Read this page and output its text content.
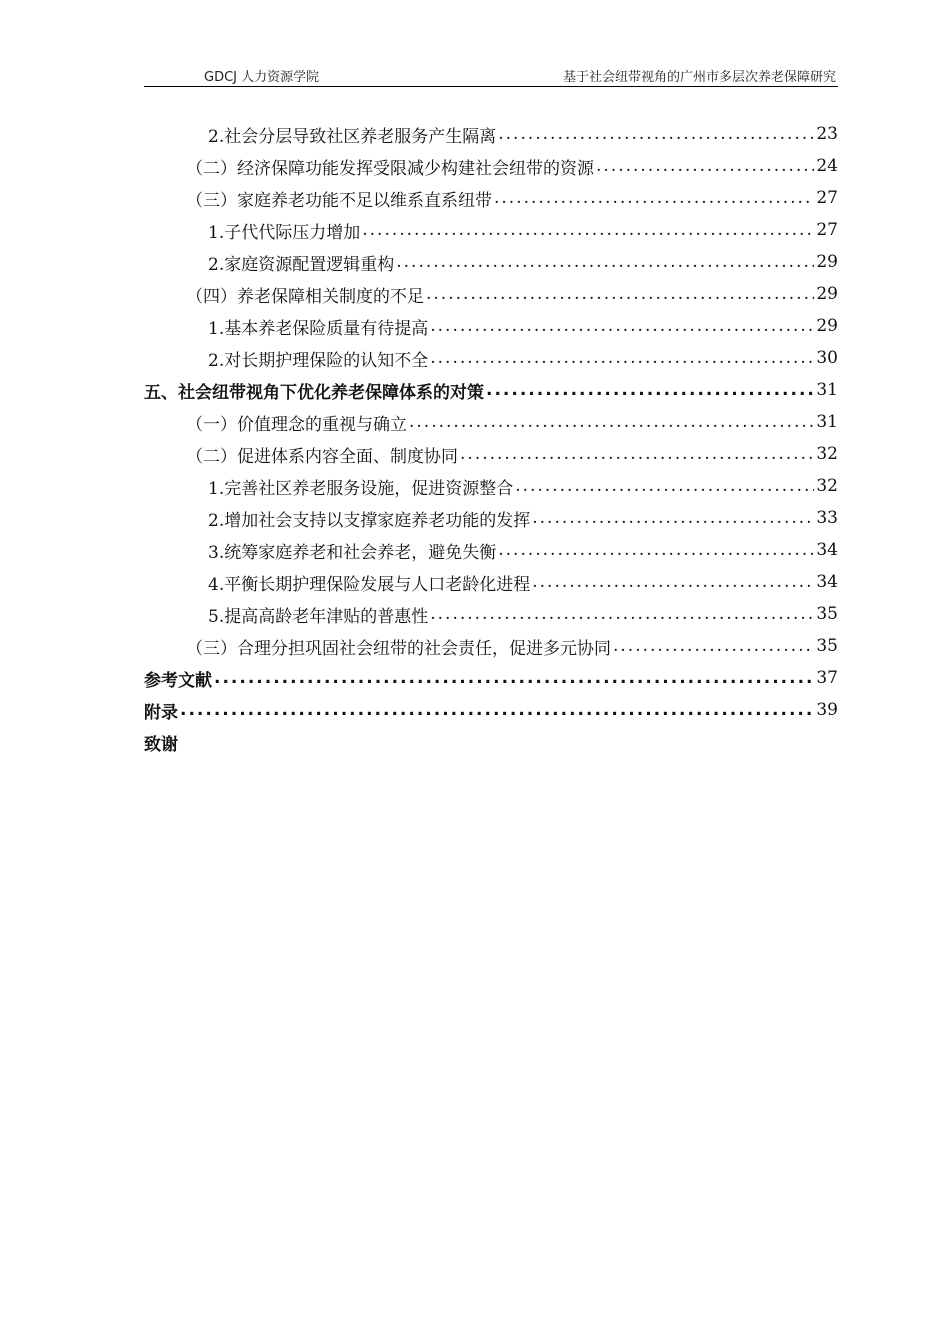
GDCJ 人力资源学院	基于社会纽带视角的广州市多层次养老保障研究
2.社会分层导致社区养老服务产生隔离 .....	23
（二）经济保障功能发挥受限减少构建社会纽带的资源 .....	24
（三）家庭养老功能不足以维系直系纽带 .....	27
1.子代代际压力增加 .....	27
2.家庭资源配置逻辑重构 .....	29
（四）养老保障相关制度的不足 .....	29
1.基本养老保险质量有待提高 .....	29
2.对长期护理保险的认知不全 .....	30
五、社会纽带视角下优化养老保障体系的对策 .....	31
（一）价值理念的重视与确立 .....	31
（二）促进体系内容全面、制度协同 .....	32
1.完善社区养老服务设施，促进资源整合 .....	32
2.增加社会支持以支撑家庭养老功能的发挥 .....	33
3.统筹家庭养老和社会养老，避免失衡 .....	34
4.平衡长期护理保险发展与人口老龄化进程 .....	34
5.提高高龄老年津贴的普惠性 .....	35
（三）合理分担巩固社会纽带的社会责任，促进多元协同 .....	35
参考文献 .....	37
附录 .....	39
致谢
